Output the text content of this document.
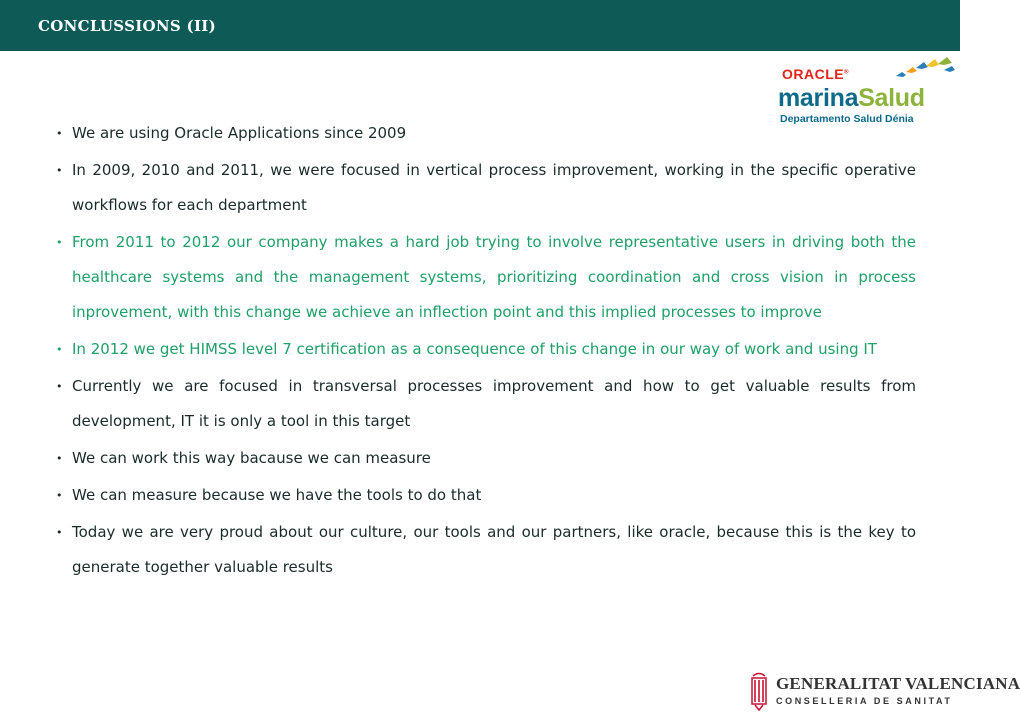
CONCLUSSIONS (II)
ORACLE®
marinaSalud
Departamento Salud Dénia
• We are using Oracle Applications since 2009
• In 2009, 2010 and 2011, we were focused in vertical process improvement, working in the specific operative workflows for each department
• From 2011 to 2012 our company makes a hard job trying to involve representative users in driving both the healthcare systems and the management systems, prioritizing coordination and cross vision in process inprovement, with this change we achieve an inflection point and this implied processes to improve
• In 2012 we get HIMSS level 7 certification as a consequence of this change in our way of work and using IT
• Currently we are focused in transversal processes improvement and how to get valuable results from development, IT it is only a tool in this target
• We can work this way bacause we can measure
• We can measure because we have the tools to do that
• Today we are very proud about our culture, our tools and our partners, like oracle, because this is the key to generate together valuable results
GENERALITAT VALENCIANA
CONSELLERIA DE SANITAT
